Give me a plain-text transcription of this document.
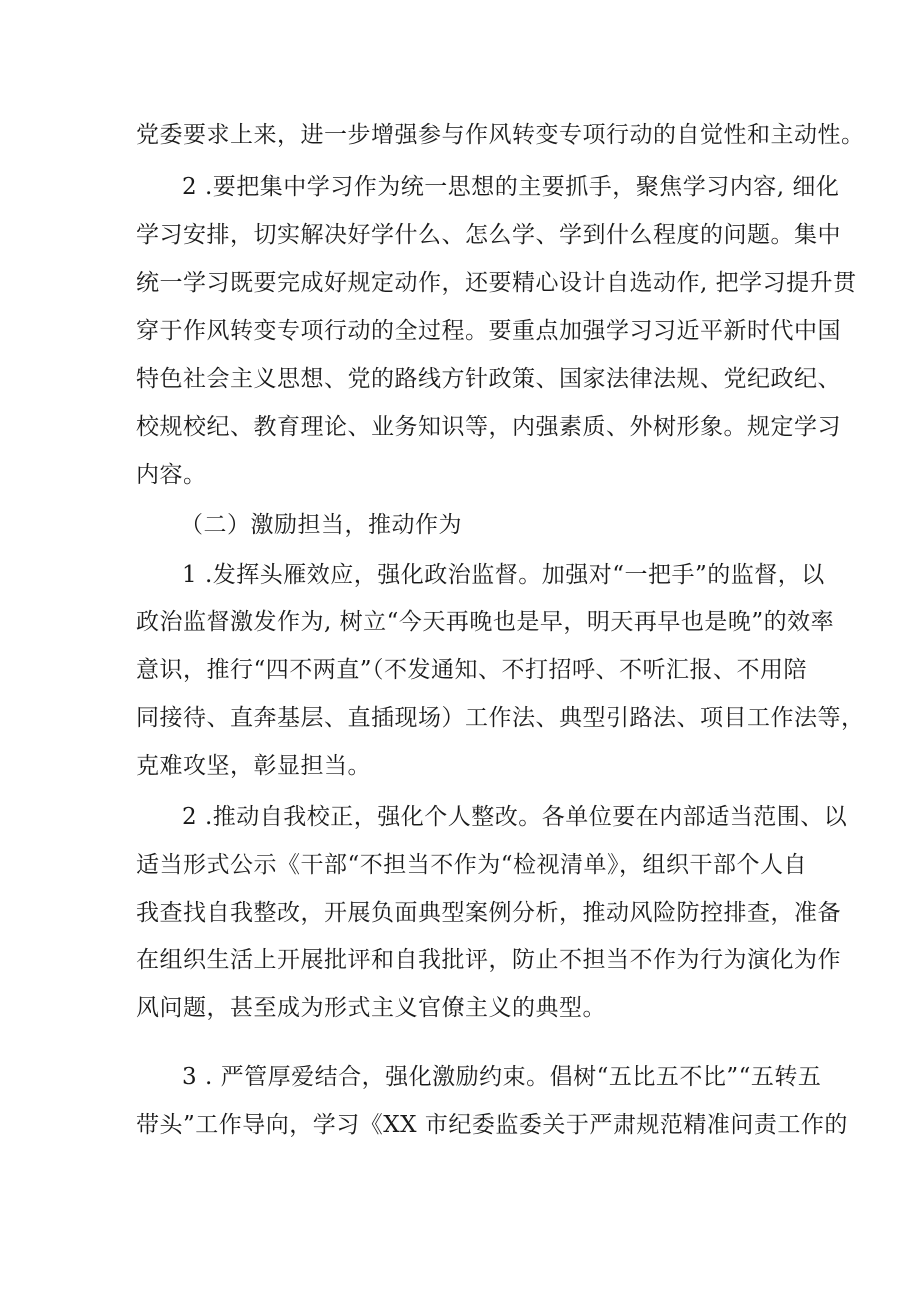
党委要求上来，进一步增强参与作风转变专项行动的自觉性和主动性。
2 .要把集中学习作为统一思想的主要抓手，聚焦学习内容, 细化
学习安排，切实解决好学什么、怎么学、学到什么程度的问题。集中
统一学习既要完成好规定动作，还要精心设计自选动作, 把学习提升贯
穿于作风转变专项行动的全过程。要重点加强学习习近平新时代中国
特色社会主义思想、党的路线方针政策、国家法律法规、党纪政纪、
校规校纪、教育理论、业务知识等，内强素质、外树形象。规定学习
内容。
（二）激励担当，推动作为
1 .发挥头雁效应，强化政治监督。加强对“一把手”的监督，以
政治监督激发作为, 树立“今天再晚也是早，明天再早也是晚”的效率
意识，推行“四不两直”（不发通知、不打招呼、不听汇报、不用陪
同接待、直奔基层、直插现场）工作法、典型引路法、项目工作法等，
克难攻坚，彰显担当。
2 .推动自我校正，强化个人整改。各单位要在内部适当范围、以
适当形式公示《干部“不担当不作为“检视清单》，组织干部个人自
我查找自我整改，开展负面典型案例分析，推动风险防控排查，准备
在组织生活上开展批评和自我批评，防止不担当不作为行为演化为作
风问题，甚至成为形式主义官僚主义的典型。
3 . 严管厚爱结合，强化激励约束。倡树“五比五不比”“五转五
带头”工作导向，学习《XX 市纪委监委关于严肃规范精准问责工作的
